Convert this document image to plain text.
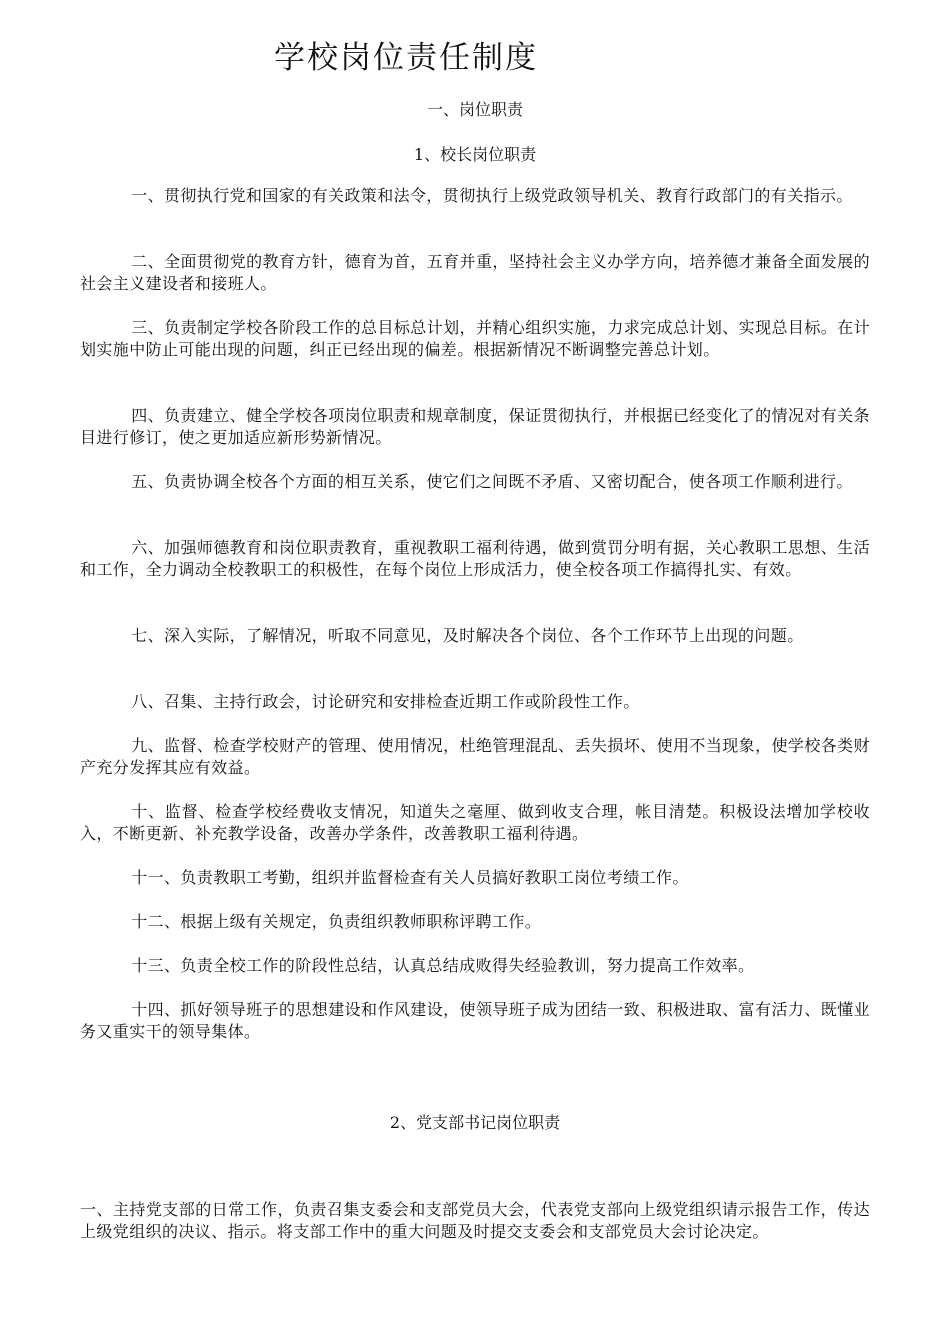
学校岗位责任制度
一、岗位职责
1、校长岗位职责

一、贯彻执行党和国家的有关政策和法令，贯彻执行上级党政领导机关、教育行政部门的有关指示。

二、全面贯彻党的教育方针，德育为首，五育并重，坚持社会主义办学方向，培养德才兼备全面发展的社会主义建设者和接班人。

三、负责制定学校各阶段工作的总目标总计划，并精心组织实施，力求完成总计划、实现总目标。在计划实施中防止可能出现的问题，纠正已经出现的偏差。根据新情况不断调整完善总计划。

四、负责建立、健全学校各项岗位职责和规章制度，保证贯彻执行，并根据已经变化了的情况对有关条目进行修订，使之更加适应新形势新情况。

五、负责协调全校各个方面的相互关系，使它们之间既不矛盾、又密切配合，使各项工作顺利进行。

六、加强师德教育和岗位职责教育，重视教职工福利待遇，做到赏罚分明有据，关心教职工思想、生活和工作，全力调动全校教职工的积极性，在每个岗位上形成活力，使全校各项工作搞得扎实、有效。

七、深入实际，了解情况，听取不同意见，及时解决各个岗位、各个工作环节上出现的问题。

八、召集、主持行政会，讨论研究和安排检查近期工作或阶段性工作。

九、监督、检查学校财产的管理、使用情况，杜绝管理混乱、丢失损坏、使用不当现象，使学校各类财产充分发挥其应有效益。

十、监督、检查学校经费收支情况，知道失之毫厘、做到收支合理，帐目清楚。积极设法增加学校收入，不断更新、补充教学设备，改善办学条件，改善教职工福利待遇。

十一、负责教职工考勤，组织并监督检查有关人员搞好教职工岗位考绩工作。

十二、根据上级有关规定，负责组织教师职称评聘工作。

十三、负责全校工作的阶段性总结，认真总结成败得失经验教训，努力提高工作效率。

十四、抓好领导班子的思想建设和作风建设，使领导班子成为团结一致、积极进取、富有活力、既懂业务又重实干的领导集体。

2、党支部书记岗位职责

一、主持党支部的日常工作，负责召集支委会和支部党员大会，代表党支部向上级党组织请示报告工作，传达上级党组织的决议、指示。将支部工作中的重大问题及时提交支委会和支部党员大会讨论决定。
